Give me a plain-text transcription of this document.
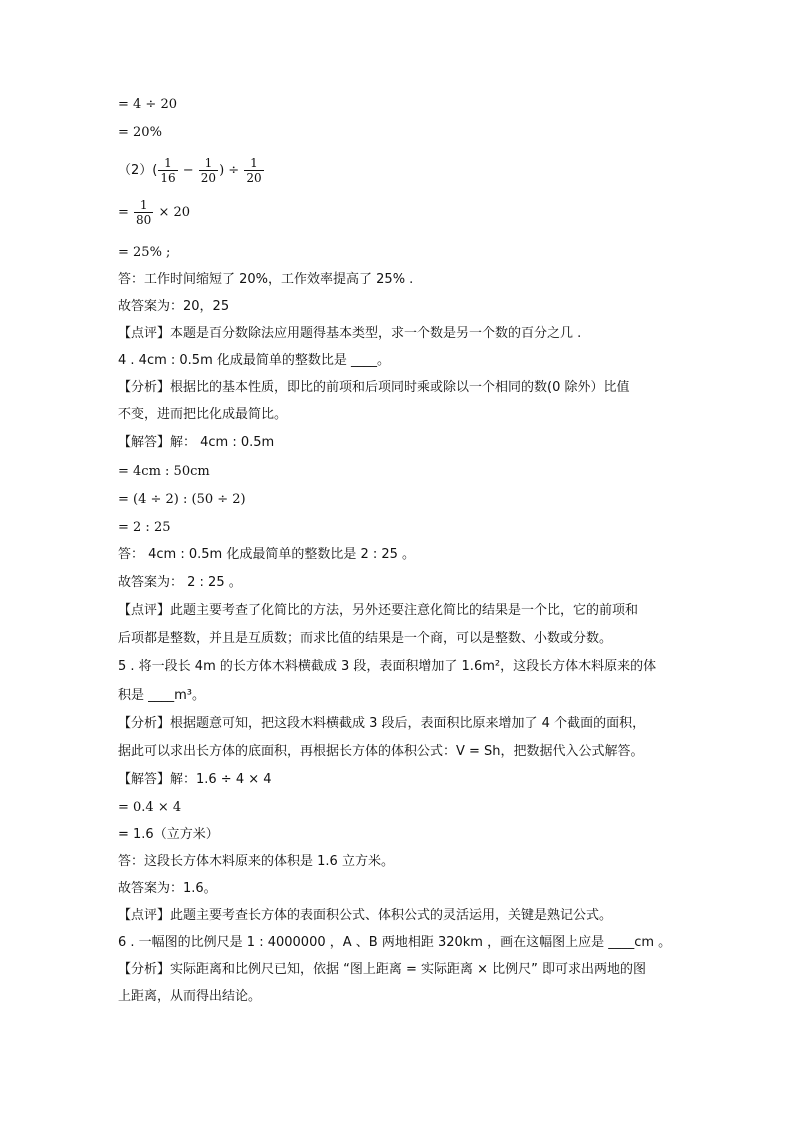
= 4 ÷ 20
= 20%
$(2)( \frac{1}{16} - \frac{1}{20}$ ) ÷ $\frac{1}{20}$
= $\frac{1}{80} \times 20$
= 25% ;
答：工作时间缩短了 20%，工作效率提高了 25% .
故答案为：20，25
【点评】本题是百分数除法应用题得基本类型，求一个数是另一个数的百分之几 .
4 . 4cm : 0.5m 化成最简单的整数比是 ____。
【分析】根据比的基本性质，即比的前项和后项同时乘或除以一个相同的数(0 除外）比值
不变，进而把比化成最简比。
【解答】解： 4cm : 0.5m
= 4cm : 50cm
= (4 ÷ 2) : (50 ÷ 2)
= 2 : 25
答： 4cm : 0.5m 化成最简单的整数比是 2 : 25 。
故答案为： 2 : 25 。
【点评】此题主要考查了化简比的方法，另外还要注意化简比的结果是一个比，它的前项和
后项都是整数，并且是互质数；而求比值的结果是一个商，可以是整数、小数或分数。
5 . 将一段长 4m 的长方体木料横截成 3 段，表面积增加了 1.6m²，这段长方体木料原来的体
积是 ____m³。
【分析】根据题意可知，把这段木料横截成 3 段后，表面积比原来增加了 4 个截面的面积，
据此可以求出长方体的底面积，再根据长方体的体积公式：V = Sh，把数据代入公式解答。
【解答】解：1.6 ÷ 4 × 4
= 0.4 × 4
= 1.6（立方米）
答：这段长方体木料原来的体积是 1.6 立方米。
故答案为：1.6。
【点评】此题主要考查长方体的表面积公式、体积公式的灵活运用，关键是熟记公式。
6 . 一幅图的比例尺是 1 : 4000000 ，A 、B 两地相距 320km ，画在这幅图上应是 ____cm 。
【分析】实际距离和比例尺已知，依据 “图上距离 = 实际距离 × 比例尺” 即可求出两地的图
上距离，从而得出结论。
